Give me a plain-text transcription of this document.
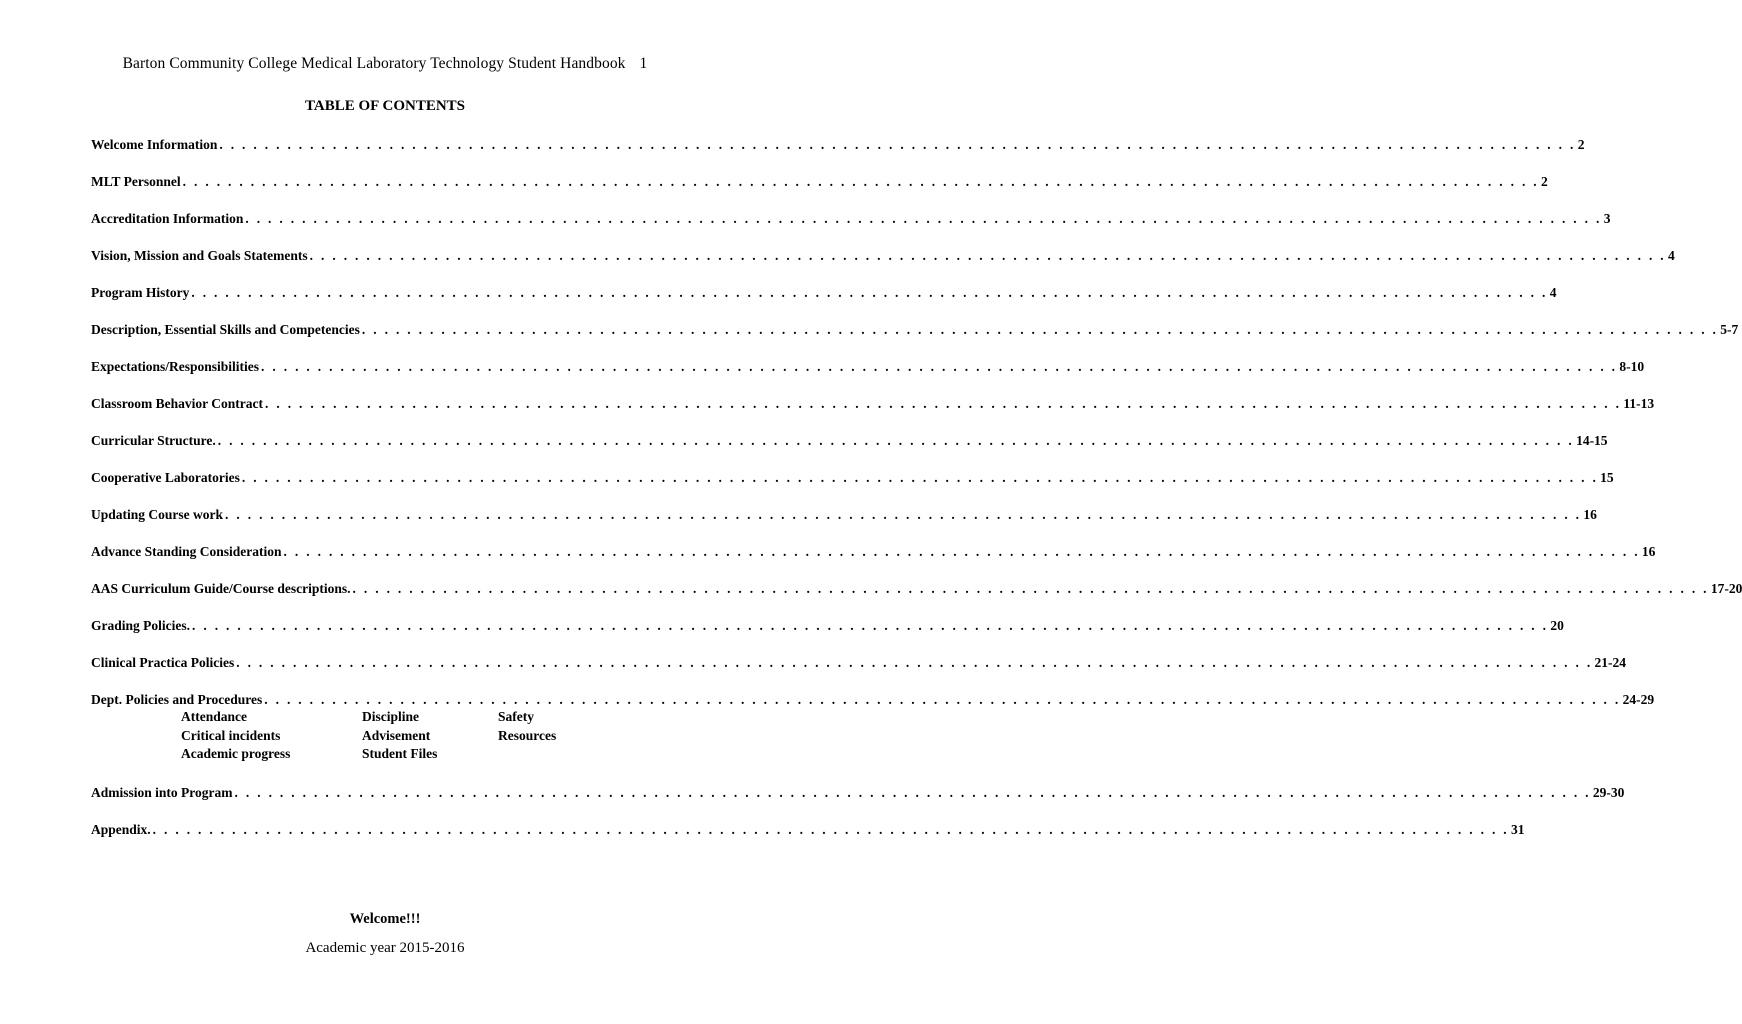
Barton Community College Medical Laboratory Technology Student Handbook 1
TABLE OF CONTENTS
Welcome Information . . . . . . . . . . . . . . . . . . . . . . . . . . . . . . . . . . . . . . . . . . . . . . . . . . . . . . . . . . . . . . . . . . . . . . . . . . . . . . . . . . . . . . . . . . . . . . . . . . . . . . . . . . . . . . . . . . . . . . . . 2
MLT Personnel . . . . . . . . . . . . . . . . . . . . . . . . . . . . . . . . . . . . . . . . . . . . . . . . . . . . . . . . . . . . . . . . . . . . . . . . . . . . . . . . . . . . . . . . . . . . . . . . . . . . . . . . . . . . . . . . . . . . . . . . 2
Accreditation Information . . . . . . . . . . . . . . . . . . . . . . . . . . . . . . . . . . . . . . . . . . . . . . . . . . . . . . . . . . . . . . . . . . . . . . . . . . . . . . . . . . . . . . . . . . . . . . . . . . . . . . . . . . . . . . . . . . . . . . . . 3
Vision, Mission and Goals Statements . . . . . . . . . . . . . . . . . . . . . . . . . . . . . . . . . . . . . . . . . . . . . . . . . . . . . . . . . . . . . . . . . . . . . . . . . . . . . . . . . . . . . . . . . . . . . . . . . . . . . . . . . . . . . . . . . . . . . . . . 4
Program History . . . . . . . . . . . . . . . . . . . . . . . . . . . . . . . . . . . . . . . . . . . . . . . . . . . . . . . . . . . . . . . . . . . . . . . . . . . . . . . . . . . . . . . . . . . . . . . . . . . . . . . . . . . . . . . . . . . . . . . . 4
Description, Essential Skills and Competencies . . . . . . . . . . . . . . . . . . . . . . . . . . . . . . . . . . . . . . . . . . . . . . . . . . . . . . . . . . . . . . . . . . . . . . . . . . . . . . . . . . . . . . . . . . . . . . . . . . . . . . . . . . . . . . . . . . . . . . . . 5-7
Expectations/Responsibilities . . . . . . . . . . . . . . . . . . . . . . . . . . . . . . . . . . . . . . . . . . . . . . . . . . . . . . . . . . . . . . . . . . . . . . . . . . . . . . . . . . . . . . . . . . . . . . . . . . . . . . . . . . . . . . . . . . . . . . . . 8-10
Classroom Behavior Contract . . . . . . . . . . . . . . . . . . . . . . . . . . . . . . . . . . . . . . . . . . . . . . . . . . . . . . . . . . . . . . . . . . . . . . . . . . . . . . . . . . . . . . . . . . . . . . . . . . . . . . . . . . . . . . . . . . . . . . . . 11-13
Curricular Structure. . . . . . . . . . . . . . . . . . . . . . . . . . . . . . . . . . . . . . . . . . . . . . . . . . . . . . . . . . . . . . . . . . . . . . . . . . . . . . . . . . . . . . . . . . . . . . . . . . . . . . . . . . . . . . . . . . . . . . . . . 14-15
Cooperative Laboratories . . . . . . . . . . . . . . . . . . . . . . . . . . . . . . . . . . . . . . . . . . . . . . . . . . . . . . . . . . . . . . . . . . . . . . . . . . . . . . . . . . . . . . . . . . . . . . . . . . . . . . . . . . . . . . . . . . . . . . . . 15
Updating Course work . . . . . . . . . . . . . . . . . . . . . . . . . . . . . . . . . . . . . . . . . . . . . . . . . . . . . . . . . . . . . . . . . . . . . . . . . . . . . . . . . . . . . . . . . . . . . . . . . . . . . . . . . . . . . . . . . . . . . . . . 16
Advance Standing Consideration . . . . . . . . . . . . . . . . . . . . . . . . . . . . . . . . . . . . . . . . . . . . . . . . . . . . . . . . . . . . . . . . . . . . . . . . . . . . . . . . . . . . . . . . . . . . . . . . . . . . . . . . . . . . . . . . . . . . . . . . 16
AAS Curriculum Guide/Course descriptions. . . . . . . . . . . . . . . . . . . . . . . . . . . . . . . . . . . . . . . . . . . . . . . . . . . . . . . . . . . . . . . . . . . . . . . . . . . . . . . . . . . . . . . . . . . . . . . . . . . . . . . . . . . . . . . . . . . . . . . . . 17-20
Grading Policies. . . . . . . . . . . . . . . . . . . . . . . . . . . . . . . . . . . . . . . . . . . . . . . . . . . . . . . . . . . . . . . . . . . . . . . . . . . . . . . . . . . . . . . . . . . . . . . . . . . . . . . . . . . . . . . . . . . . . . . . . 20
Clinical Practica Policies . . . . . . . . . . . . . . . . . . . . . . . . . . . . . . . . . . . . . . . . . . . . . . . . . . . . . . . . . . . . . . . . . . . . . . . . . . . . . . . . . . . . . . . . . . . . . . . . . . . . . . . . . . . . . . . . . . . . . . . . 21-24
Dept. Policies and Procedures . . . . . . . . . . . . . . . . . . . . . . . . . . . . . . . . . . . . . . . . . . . . . . . . . . . . . . . . . . . . . . . . . . . . . . . . . . . . . . . . . . . . . . . . . . . . . . . . . . . . . . . . . . . . . . . . . . . . . . . . 24-29
Attendance
Critical incidents
Academic progress
Discipline
Advisement
Student Files
Safety
Resources
Admission into Program . . . . . . . . . . . . . . . . . . . . . . . . . . . . . . . . . . . . . . . . . . . . . . . . . . . . . . . . . . . . . . . . . . . . . . . . . . . . . . . . . . . . . . . . . . . . . . . . . . . . . . . . . . . . . . . . . . . . . . . . 29-30
Appendix. . . . . . . . . . . . . . . . . . . . . . . . . . . . . . . . . . . . . . . . . . . . . . . . . . . . . . . . . . . . . . . . . . . . . . . . . . . . . . . . . . . . . . . . . . . . . . . . . . . . . . . . . . . . . . . . . . . . . . . . . 31
Welcome!!!
Academic year 2015-2016
